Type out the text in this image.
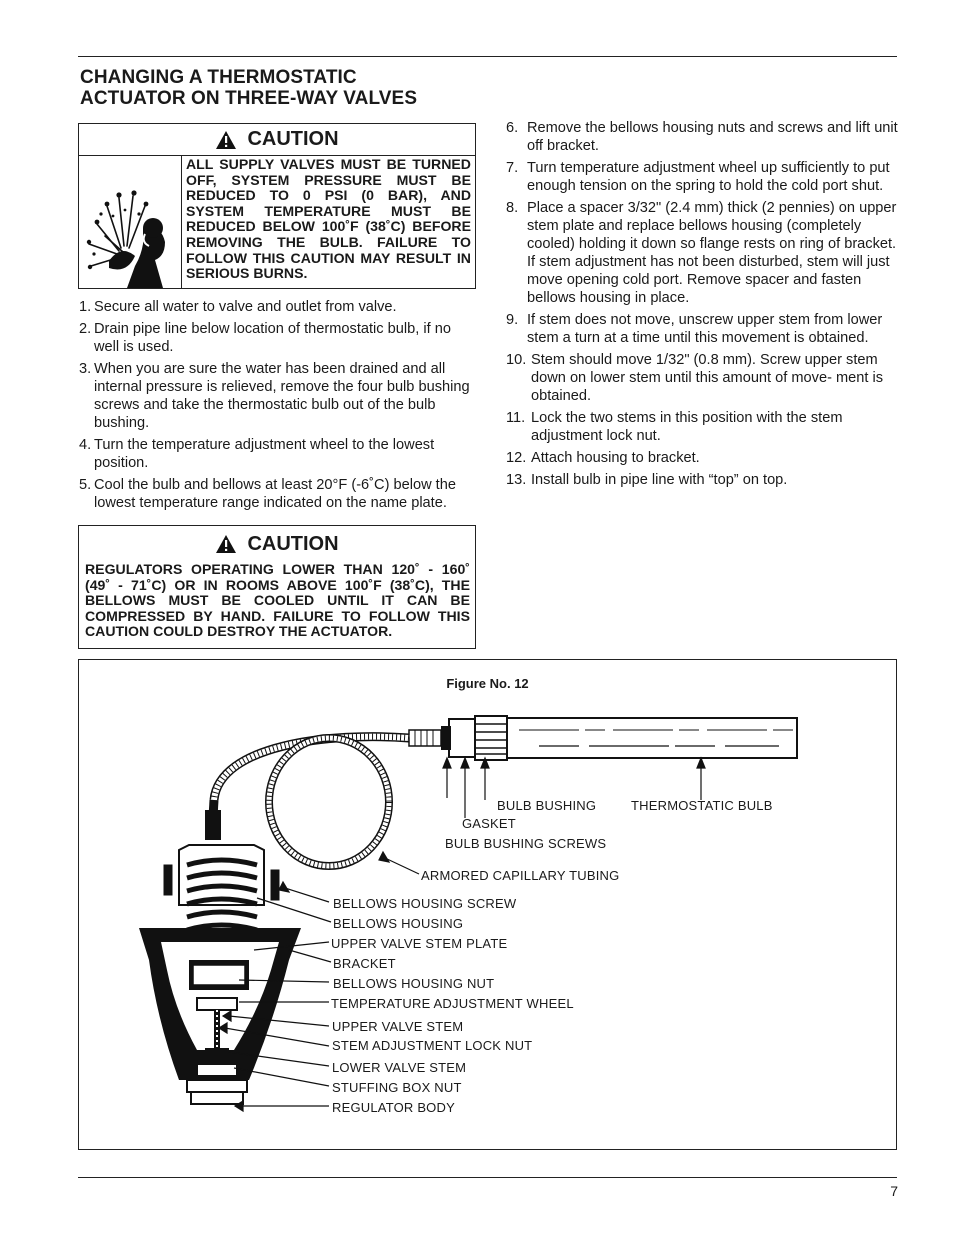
CHANGING A THERMOSTATIC
ACTUATOR ON THREE-WAY VALVES
CAUTION
ALL SUPPLY VALVES MUST BE TURNED OFF, SYSTEM PRESSURE MUST BE REDUCED TO 0 PSI (0 BAR), AND SYSTEM TEMPERATURE MUST BE REDUCED BELOW 100˚F (38˚C) BEFORE REMOVING THE BULB. FAILURE TO FOLLOW THIS CAUTION MAY RESULT IN SERIOUS BURNS.
1. Secure all water to valve and outlet from valve.
2. Drain pipe line below location of thermostatic bulb, if no well is used.
3. When you are sure the water has been drained and all internal pressure is relieved, remove the four bulb bushing screws and take the thermostatic bulb out of the bulb bushing.
4. Turn the temperature adjustment wheel to the lowest position.
5. Cool the bulb and bellows at least 20°F (-6˚C) below the lowest temperature range indicated on the name plate.
CAUTION
REGULATORS OPERATING LOWER THAN 120˚ - 160˚ (49˚ - 71˚C) OR IN ROOMS ABOVE 100˚F (38˚C), THE BELLOWS MUST BE COOLED UNTIL IT CAN BE COMPRESSED BY HAND. FAILURE TO FOLLOW THIS CAUTION COULD DESTROY THE ACTUATOR.
6. Remove the bellows housing nuts and screws and lift unit off bracket.
7. Turn temperature adjustment wheel up sufficiently to put enough tension on the spring to hold the cold port shut.
8. Place a spacer 3/32" (2.4 mm) thick (2 pennies) on upper stem plate and replace bellows housing (completely cooled) holding it down so flange rests on ring of bracket. If stem adjustment has not been disturbed, stem will just move opening cold port. Remove spacer and fasten bellows housing in place.
9. If stem does not move, unscrew upper stem from lower stem a turn at a time until this movement is obtained.
10. Stem should move 1/32" (0.8 mm). Screw upper stem down on lower stem until this amount of move- ment is obtained.
11. Lock the two stems in this position with the stem adjustment lock nut.
12. Attach housing to bracket.
13. Install bulb in pipe line with “top” on top.
Figure No. 12
BULB BUSHING	THERMOSTATIC BULB
GASKET
BULB BUSHING SCREWS
ARMORED CAPILLARY TUBING
BELLOWS HOUSING SCREW
BELLOWS HOUSING
UPPER VALVE STEM PLATE
BRACKET
BELLOWS HOUSING NUT
TEMPERATURE ADJUSTMENT WHEEL
UPPER VALVE STEM
STEM ADJUSTMENT LOCK NUT
LOWER VALVE STEM
STUFFING BOX NUT
REGULATOR BODY
7
